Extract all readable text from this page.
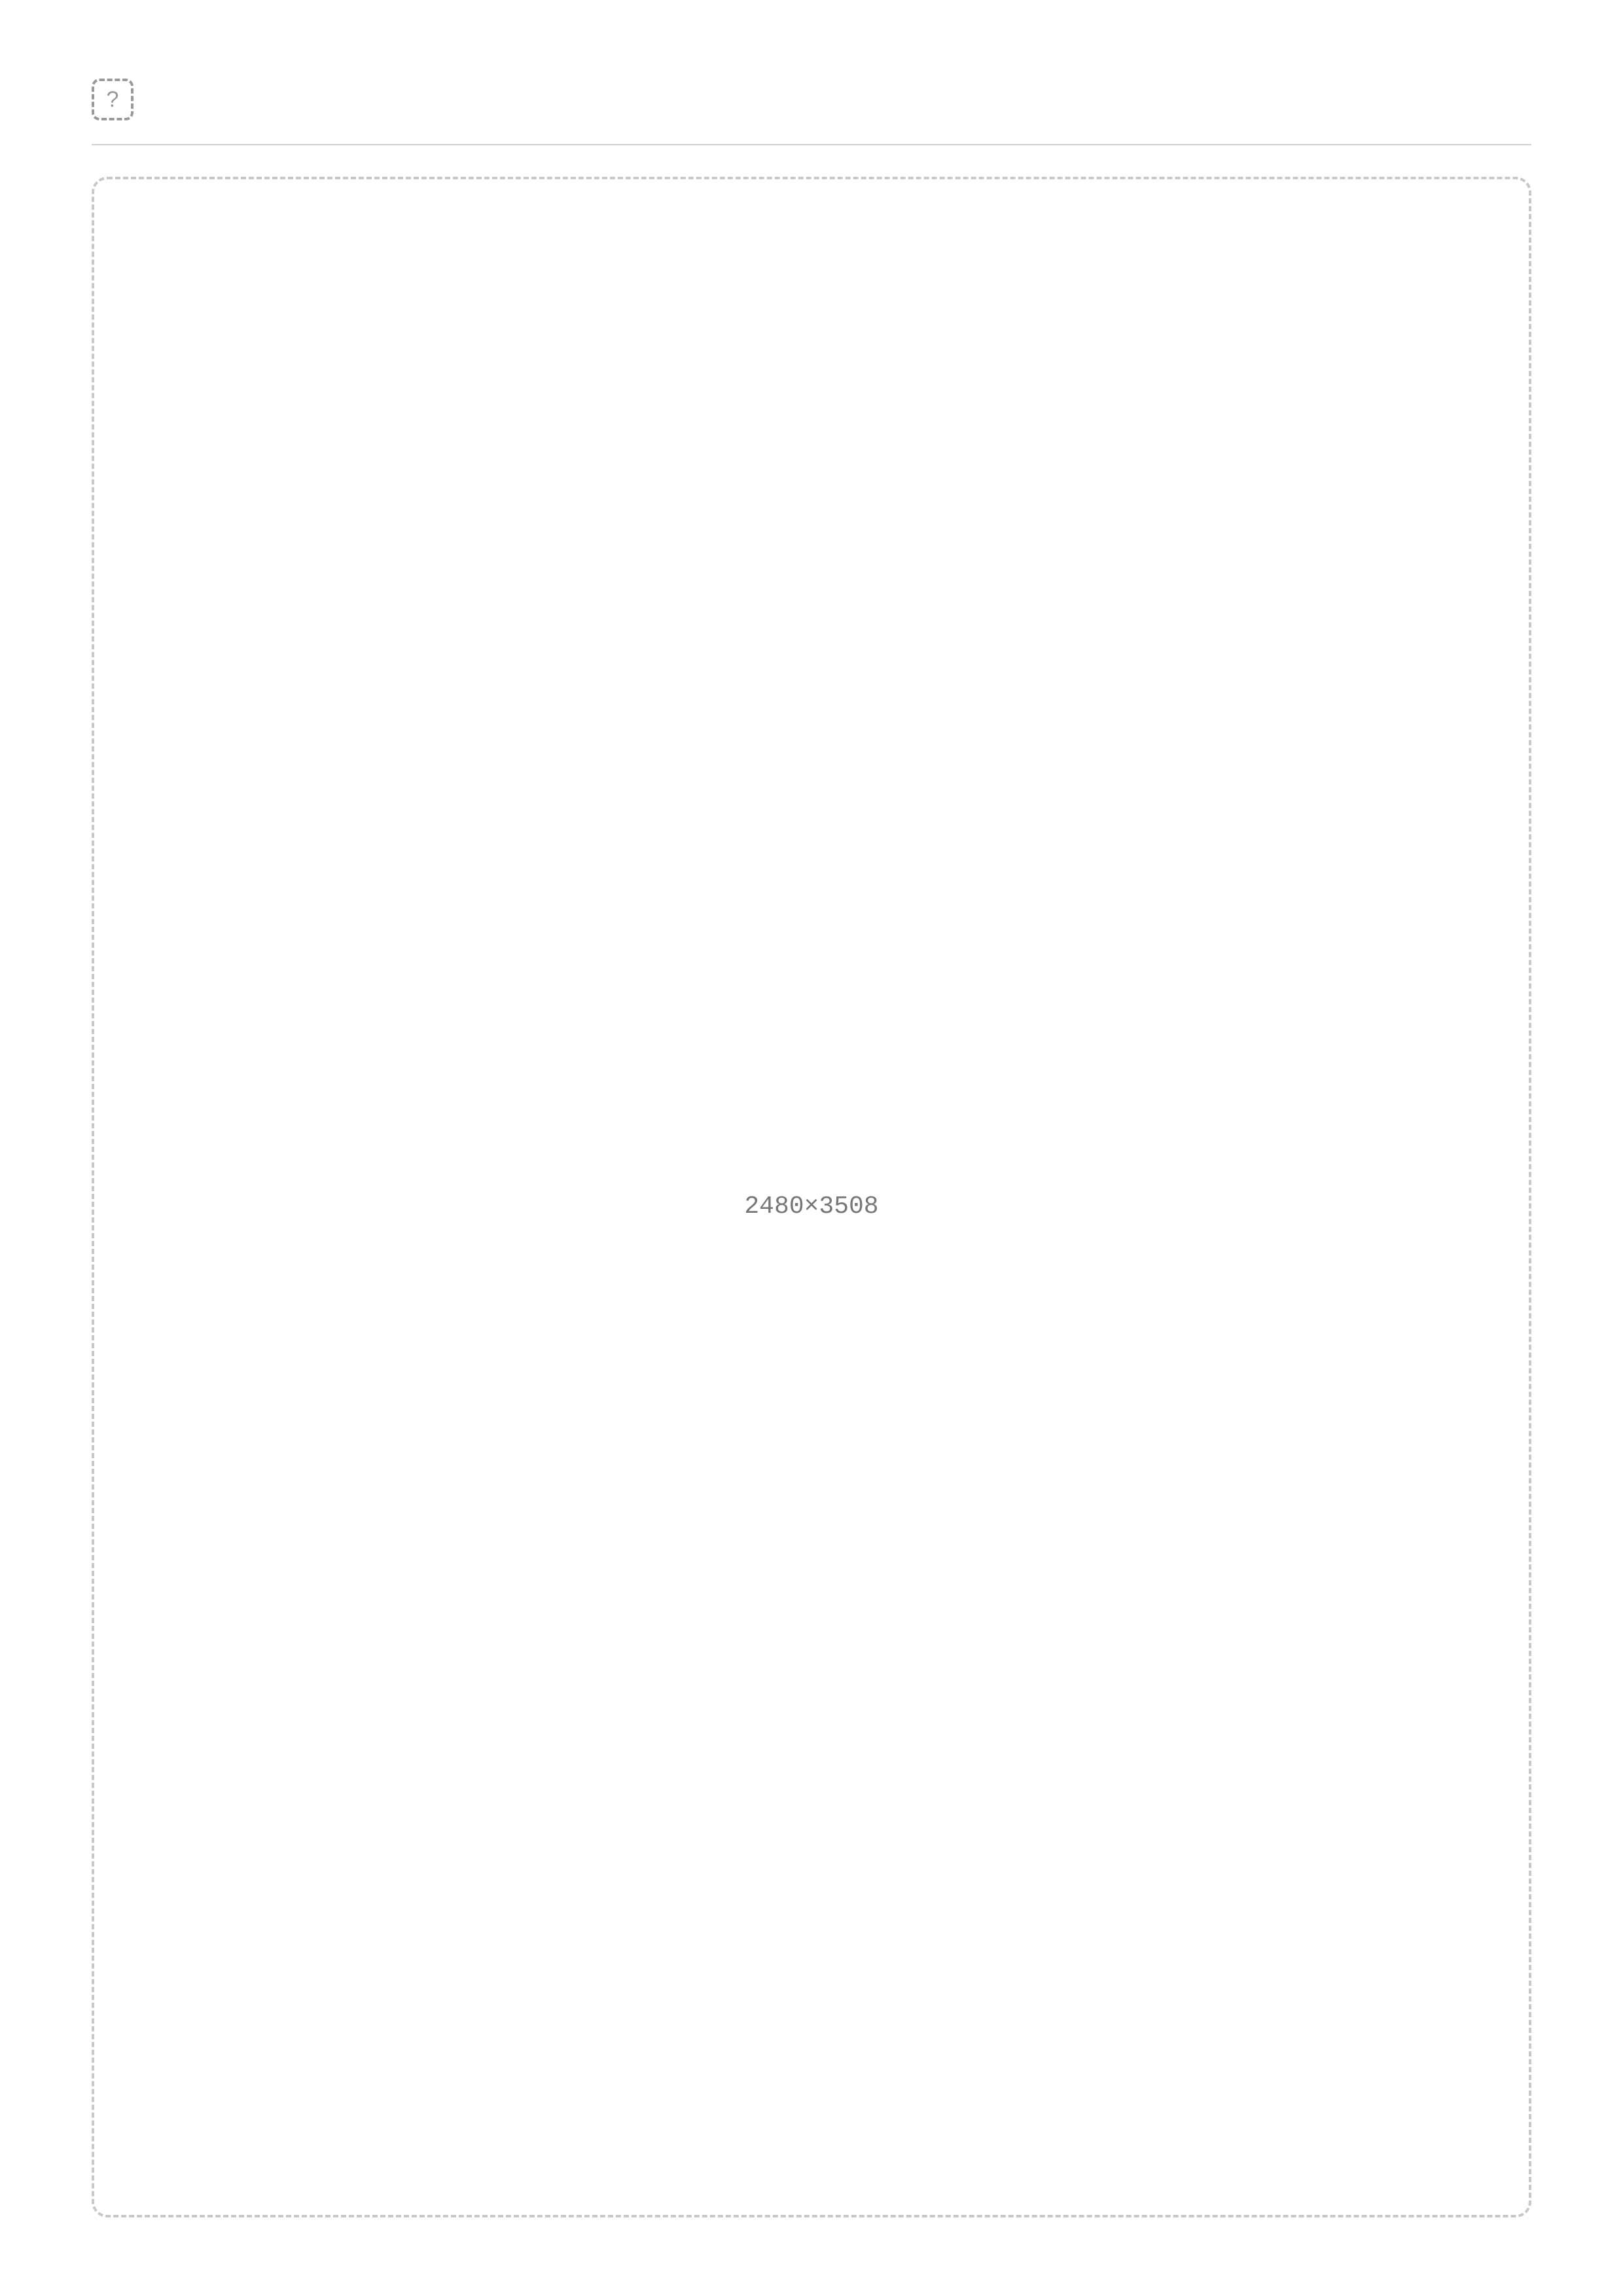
?
2480×3508
